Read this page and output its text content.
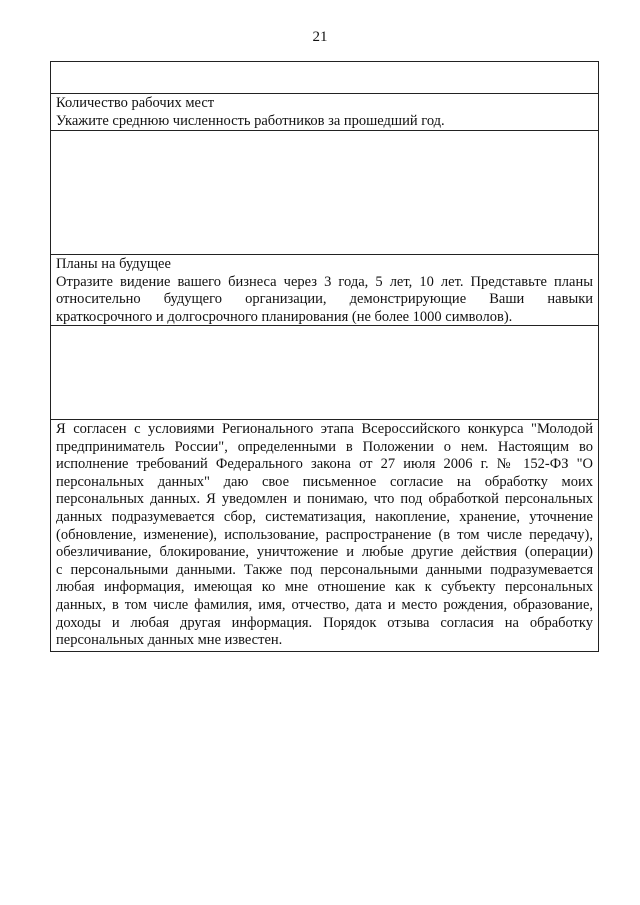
21
Количество рабочих мест
Укажите среднюю численность работников за прошедший год.
Планы на будущее
Отразите видение вашего бизнеса через 3 года, 5 лет, 10 лет. Представьте планы
относительно будущего организации, демонстрирующие Ваши навыки
краткосрочного и долгосрочного планирования (не более 1000 символов).
Я согласен с условиями Регионального этапа Всероссийского конкурса "Молодой
предприниматель России", определенными в Положении о нем. Настоящим во
исполнение требований Федерального закона от 27 июля 2006 г. № 152-ФЗ "О
персональных данных" даю свое письменное согласие на обработку моих
персональных данных. Я уведомлен и понимаю, что под обработкой персональных
данных подразумевается сбор, систематизация, накопление, хранение, уточнение
(обновление, изменение), использование, распространение (в том числе передачу),
обезличивание, блокирование, уничтожение и любые другие действия (операции)
с персональными данными. Также под персональными данными подразумевается
любая информация, имеющая ко мне отношение как к субъекту персональных
данных, в том числе фамилия, имя, отчество, дата и место рождения, образование,
доходы и любая другая информация. Порядок отзыва согласия на обработку
персональных данных мне известен.
